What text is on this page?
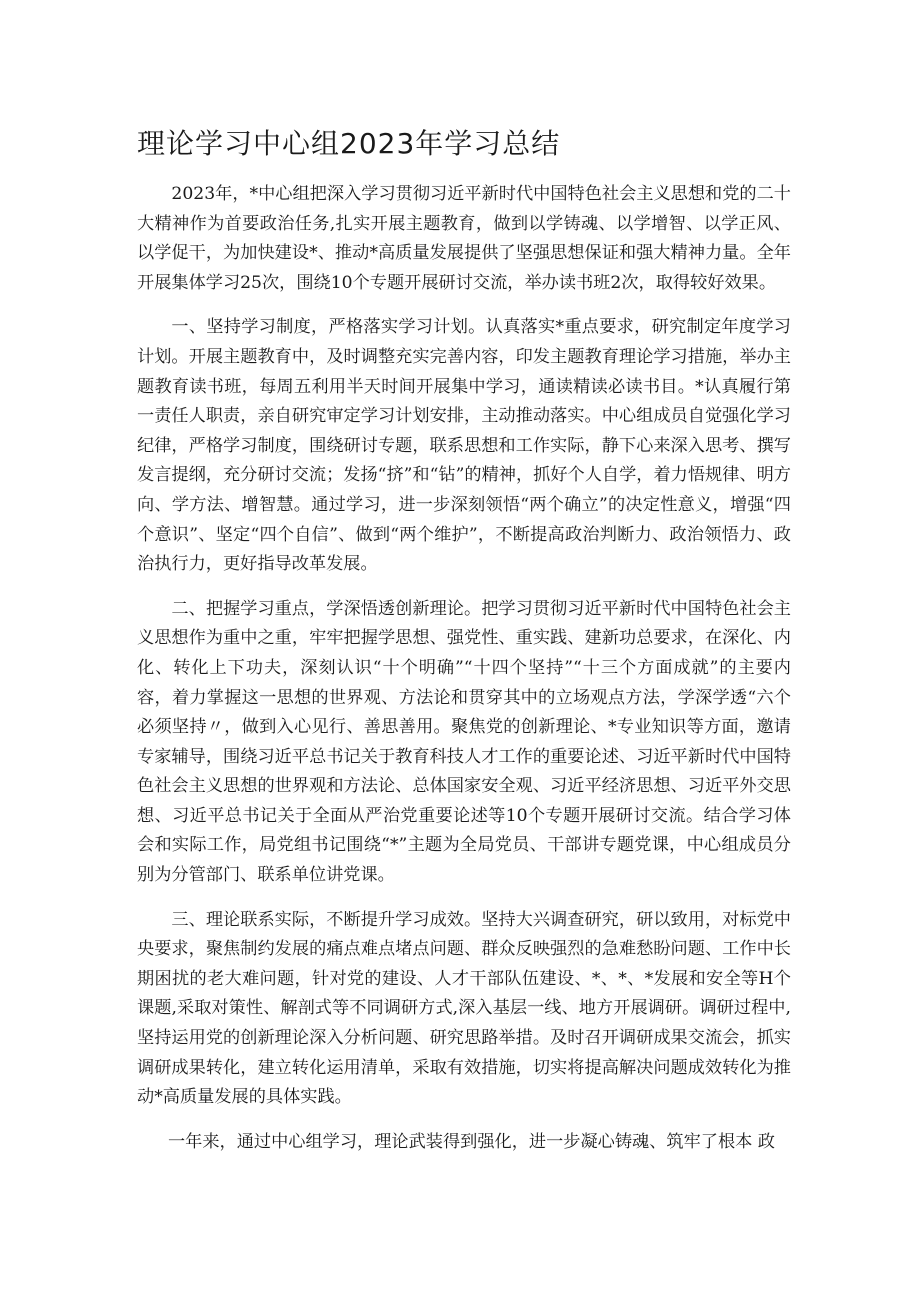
理论学习中心组2023年学习总结

2023年，*中心组把深入学习贯彻习近平新时代中国特色社会主义思想和党的二十大精神作为首要政治任务,扎实开展主题教育，做到以学铸魂、以学增智、以学正风、以学促干，为加快建设*、推动*高质量发展提供了坚强思想保证和强大精神力量。全年开展集体学习25次，围绕10个专题开展研讨交流，举办读书班2次，取得较好效果。

一、坚持学习制度，严格落实学习计划。认真落实*重点要求，研究制定年度学习计划。开展主题教育中，及时调整充实完善内容，印发主题教育理论学习措施，举办主题教育读书班，每周五利用半天时间开展集中学习，通读精读必读书目。*认真履行第一责任人职责，亲自研究审定学习计划安排，主动推动落实。中心组成员自觉强化学习纪律，严格学习制度，围绕研讨专题，联系思想和工作实际，静下心来深入思考、撰写发言提纲，充分研讨交流；发扬“挤”和“钻”的精神，抓好个人自学，着力悟规律、明方向、学方法、增智慧。通过学习，进一步深刻领悟“两个确立”的决定性意义，增强“四个意识”、坚定“四个自信”、做到“两个维护”，不断提高政治判断力、政治领悟力、政治执行力，更好指导改革发展。

二、把握学习重点，学深悟透创新理论。把学习贯彻习近平新时代中国特色社会主义思想作为重中之重，牢牢把握学思想、强党性、重实践、建新功总要求，在深化、内化、转化上下功夫，深刻认识“十个明确”“十四个坚持”“十三个方面成就”的主要内容，着力掌握这一思想的世界观、方法论和贯穿其中的立场观点方法，学深学透“六个必须坚持〃，做到入心见行、善思善用。聚焦党的创新理论、*专业知识等方面，邀请专家辅导，围绕习近平总书记关于教育科技人才工作的重要论述、习近平新时代中国特色社会主义思想的世界观和方法论、总体国家安全观、习近平经济思想、习近平外交思想、习近平总书记关于全面从严治党重要论述等10个专题开展研讨交流。结合学习体会和实际工作，局党组书记围绕“*”主题为全局党员、干部讲专题党课，中心组成员分别为分管部门、联系单位讲党课。

三、理论联系实际，不断提升学习成效。坚持大兴调查研究，研以致用，对标党中央要求，聚焦制约发展的痛点难点堵点问题、群众反映强烈的急难愁盼问题、工作中长期困扰的老大难问题，针对党的建设、人才干部队伍建设、*、*、*发展和安全等H个课题,采取对策性、解剖式等不同调研方式,深入基层一线、地方开展调研。调研过程中,坚持运用党的创新理论深入分析问题、研究思路举措。及时召开调研成果交流会，抓实调研成果转化，建立转化运用清单，采取有效措施，切实将提高解决问题成效转化为推动*高质量发展的具体实践。

一年来，通过中心组学习，理论武装得到强化，进一步凝心铸魂、筑牢了根本 政
